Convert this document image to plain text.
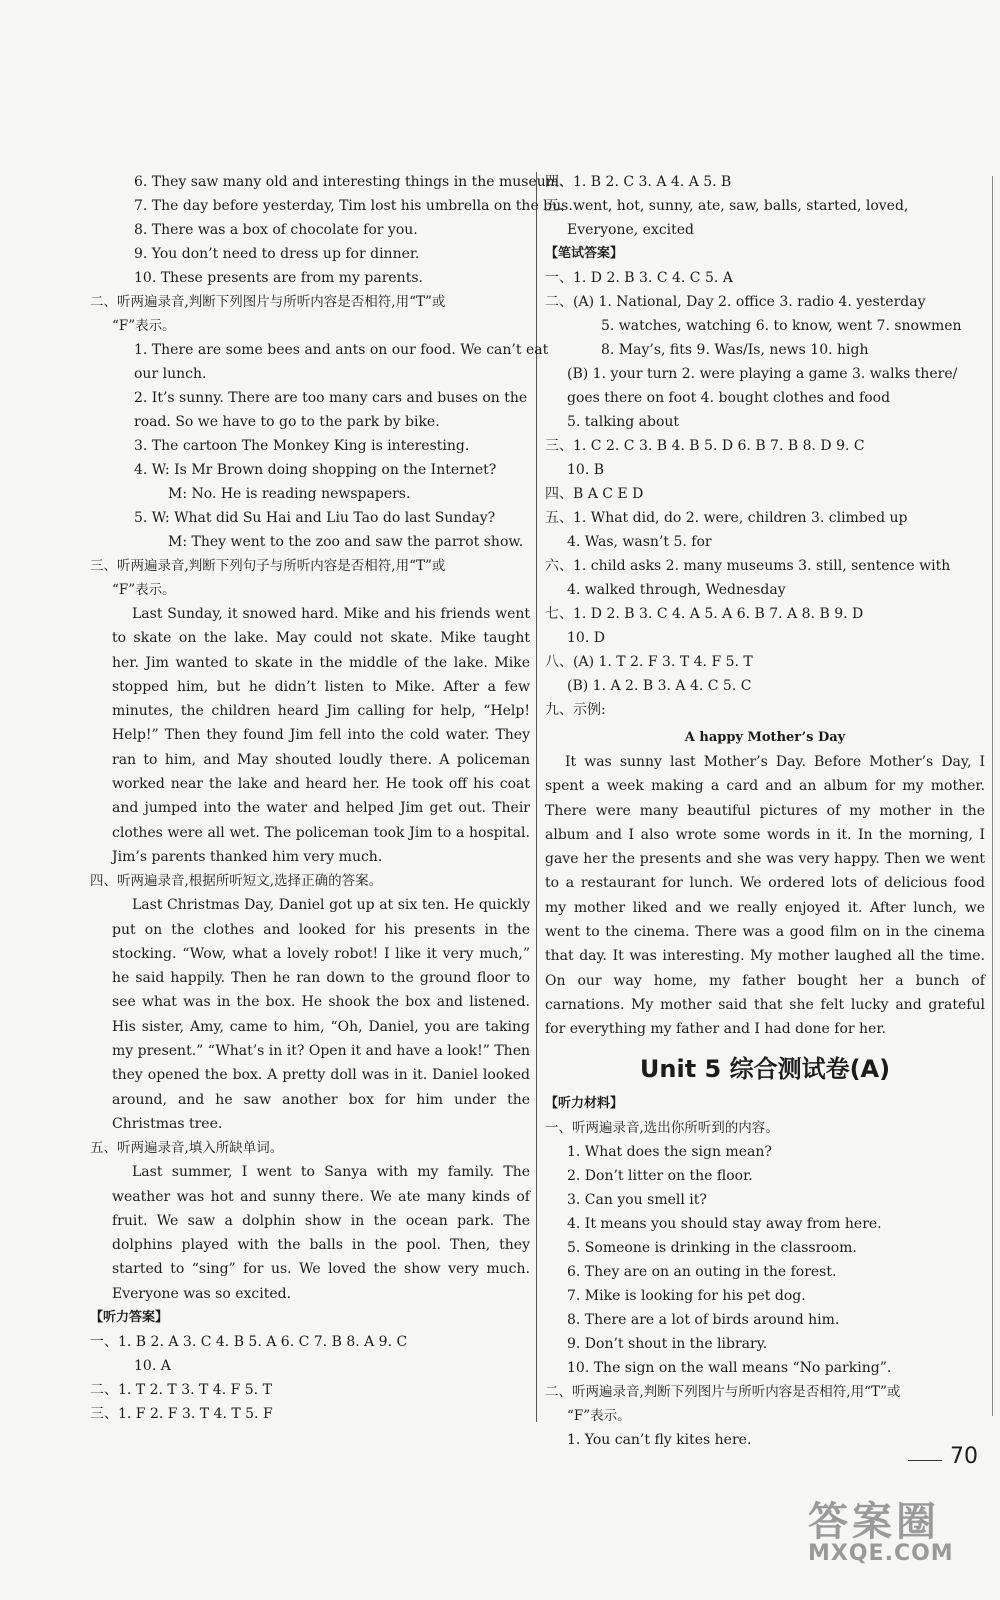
6. They saw many old and interesting things in the museum.
7. The day before yesterday, Tim lost his umbrella on the bus.
8. There was a box of chocolate for you.
9. You don’t need to dress up for dinner.
10. These presents are from my parents.
二、听两遍录音,判断下列图片与所听内容是否相符,用“T”或
“F”表示。
1. There are some bees and ants on our food. We can’t eat
our lunch.
2. It’s sunny. There are too many cars and buses on the
road. So we have to go to the park by bike.
3. The cartoon The Monkey King is interesting.
4. W: Is Mr Brown doing shopping on the Internet?
M: No. He is reading newspapers.
5. W: What did Su Hai and Liu Tao do last Sunday?
M: They went to the zoo and saw the parrot show.
三、听两遍录音,判断下列句子与所听内容是否相符,用“T”或
“F”表示。

Last Sunday, it snowed hard. Mike and his friends went to skate on the lake. May could not skate. Mike taught her. Jim wanted to skate in the middle of the lake. Mike stopped him, but he didn’t listen to Mike. After a few minutes, the children heard Jim calling for help, “Help! Help!” Then they found Jim fell into the cold water. They ran to him, and May shouted loudly there. A policeman worked near the lake and heard her. He took off his coat and jumped into the water and helped Jim get out. Their clothes were all wet. The policeman took Jim to a hospital. Jim’s parents thanked him very much.

四、听两遍录音,根据所听短文,选择正确的答案。

Last Christmas Day, Daniel got up at six ten. He quickly put on the clothes and looked for his presents in the stocking. “Wow, what a lovely robot! I like it very much,” he said happily. Then he ran down to the ground floor to see what was in the box. He shook the box and listened. His sister, Amy, came to him, “Oh, Daniel, you are taking my present.” “What’s in it? Open it and have a look!” Then they opened the box. A pretty doll was in it. Daniel looked around, and he saw another box for him under the Christmas tree.

五、听两遍录音,填入所缺单词。

Last summer, I went to Sanya with my family. The weather was hot and sunny there. We ate many kinds of fruit. We saw a dolphin show in the ocean park. The dolphins played with the balls in the pool. Then, they started to “sing” for us. We loved the show very much. Everyone was so excited.

【听力答案】
一、1. B 2. A 3. C 4. B 5. A 6. C 7. B 8. A 9. C
10. A
二、1. T 2. T 3. T 4. F 5. T
三、1. F 2. F 3. T 4. T 5. F
四、1. B 2. C 3. A 4. A 5. B
五、went, hot, sunny, ate, saw, balls, started, loved,
Everyone, excited
【笔试答案】
一、1. D 2. B 3. C 4. C 5. A
二、(A) 1. National, Day 2. office 3. radio 4. yesterday
5. watches, watching 6. to know, went 7. snowmen
8. May’s, fits 9. Was/Is, news 10. high
(B) 1. your turn 2. were playing a game 3. walks there/
goes there on foot 4. bought clothes and food
5. talking about
三、1. C 2. C 3. B 4. B 5. D 6. B 7. B 8. D 9. C
10. B
四、B A C E D
五、1. What did, do 2. were, children 3. climbed up
4. Was, wasn’t 5. for
六、1. child asks 2. many museums 3. still, sentence with
4. walked through, Wednesday
七、1. D 2. B 3. C 4. A 5. A 6. B 7. A 8. B 9. D
10. D
八、(A) 1. T 2. F 3. T 4. F 5. T
(B) 1. A 2. B 3. A 4. C 5. C
九、示例:
A happy Mother’s Day

It was sunny last Mother’s Day. Before Mother’s Day, I spent a week making a card and an album for my mother. There were many beautiful pictures of my mother in the album and I also wrote some words in it. In the morning, I gave her the presents and she was very happy. Then we went to a restaurant for lunch. We ordered lots of delicious food my mother liked and we really enjoyed it. After lunch, we went to the cinema. There was a good film on in the cinema that day. It was interesting. My mother laughed all the time. On our way home, my father bought her a bunch of carnations. My mother said that she felt lucky and grateful for everything my father and I had done for her.

Unit 5 综合测试卷(A)
【听力材料】
一、听两遍录音,选出你所听到的内容。
1. What does the sign mean?
2. Don’t litter on the floor.
3. Can you smell it?
4. It means you should stay away from here.
5. Someone is drinking in the classroom.
6. They are on an outing in the forest.
7. Mike is looking for his pet dog.
8. There are a lot of birds around him.
9. Don’t shout in the library.
10. The sign on the wall means “No parking”.
二、听两遍录音,判断下列图片与所听内容是否相符,用“T”或
“F”表示。
1. You can’t fly kites here.
70
答案圈
MXQE.COM
